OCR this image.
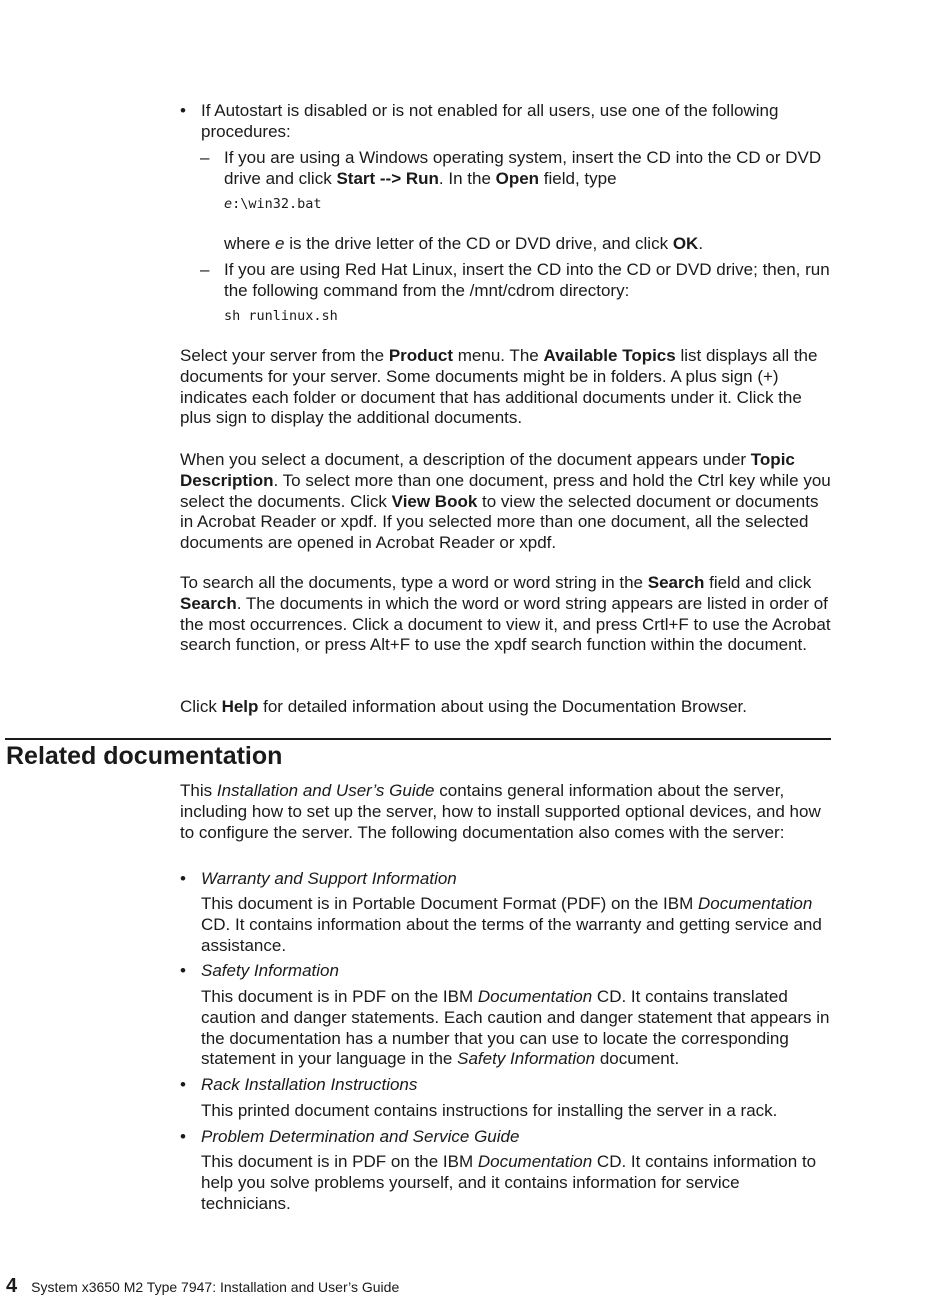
• If Autostart is disabled or is not enabled for all users, use one of the following procedures:

– If you are using a Windows operating system, insert the CD into the CD or DVD drive and click Start --> Run. In the Open field, type

e:\win32.bat

where e is the drive letter of the CD or DVD drive, and click OK.

– If you are using Red Hat Linux, insert the CD into the CD or DVD drive; then, run the following command from the /mnt/cdrom directory:

sh runlinux.sh

Select your server from the Product menu. The Available Topics list displays all the documents for your server. Some documents might be in folders. A plus sign (+) indicates each folder or document that has additional documents under it. Click the plus sign to display the additional documents.

When you select a document, a description of the document appears under Topic Description. To select more than one document, press and hold the Ctrl key while you select the documents. Click View Book to view the selected document or documents in Acrobat Reader or xpdf. If you selected more than one document, all the selected documents are opened in Acrobat Reader or xpdf.

To search all the documents, type a word or word string in the Search field and click Search. The documents in which the word or word string appears are listed in order of the most occurrences. Click a document to view it, and press Crtl+F to use the Acrobat search function, or press Alt+F to use the xpdf search function within the document.

Click Help for detailed information about using the Documentation Browser.

Related documentation

This Installation and User’s Guide contains general information about the server, including how to set up the server, how to install supported optional devices, and how to configure the server. The following documentation also comes with the server:

• Warranty and Support Information

This document is in Portable Document Format (PDF) on the IBM Documentation CD. It contains information about the terms of the warranty and getting service and assistance.

• Safety Information

This document is in PDF on the IBM Documentation CD. It contains translated caution and danger statements. Each caution and danger statement that appears in the documentation has a number that you can use to locate the corresponding statement in your language in the Safety Information document.

• Rack Installation Instructions

This printed document contains instructions for installing the server in a rack.

• Problem Determination and Service Guide

This document is in PDF on the IBM Documentation CD. It contains information to help you solve problems yourself, and it contains information for service technicians.

4 System x3650 M2 Type 7947: Installation and User’s Guide
